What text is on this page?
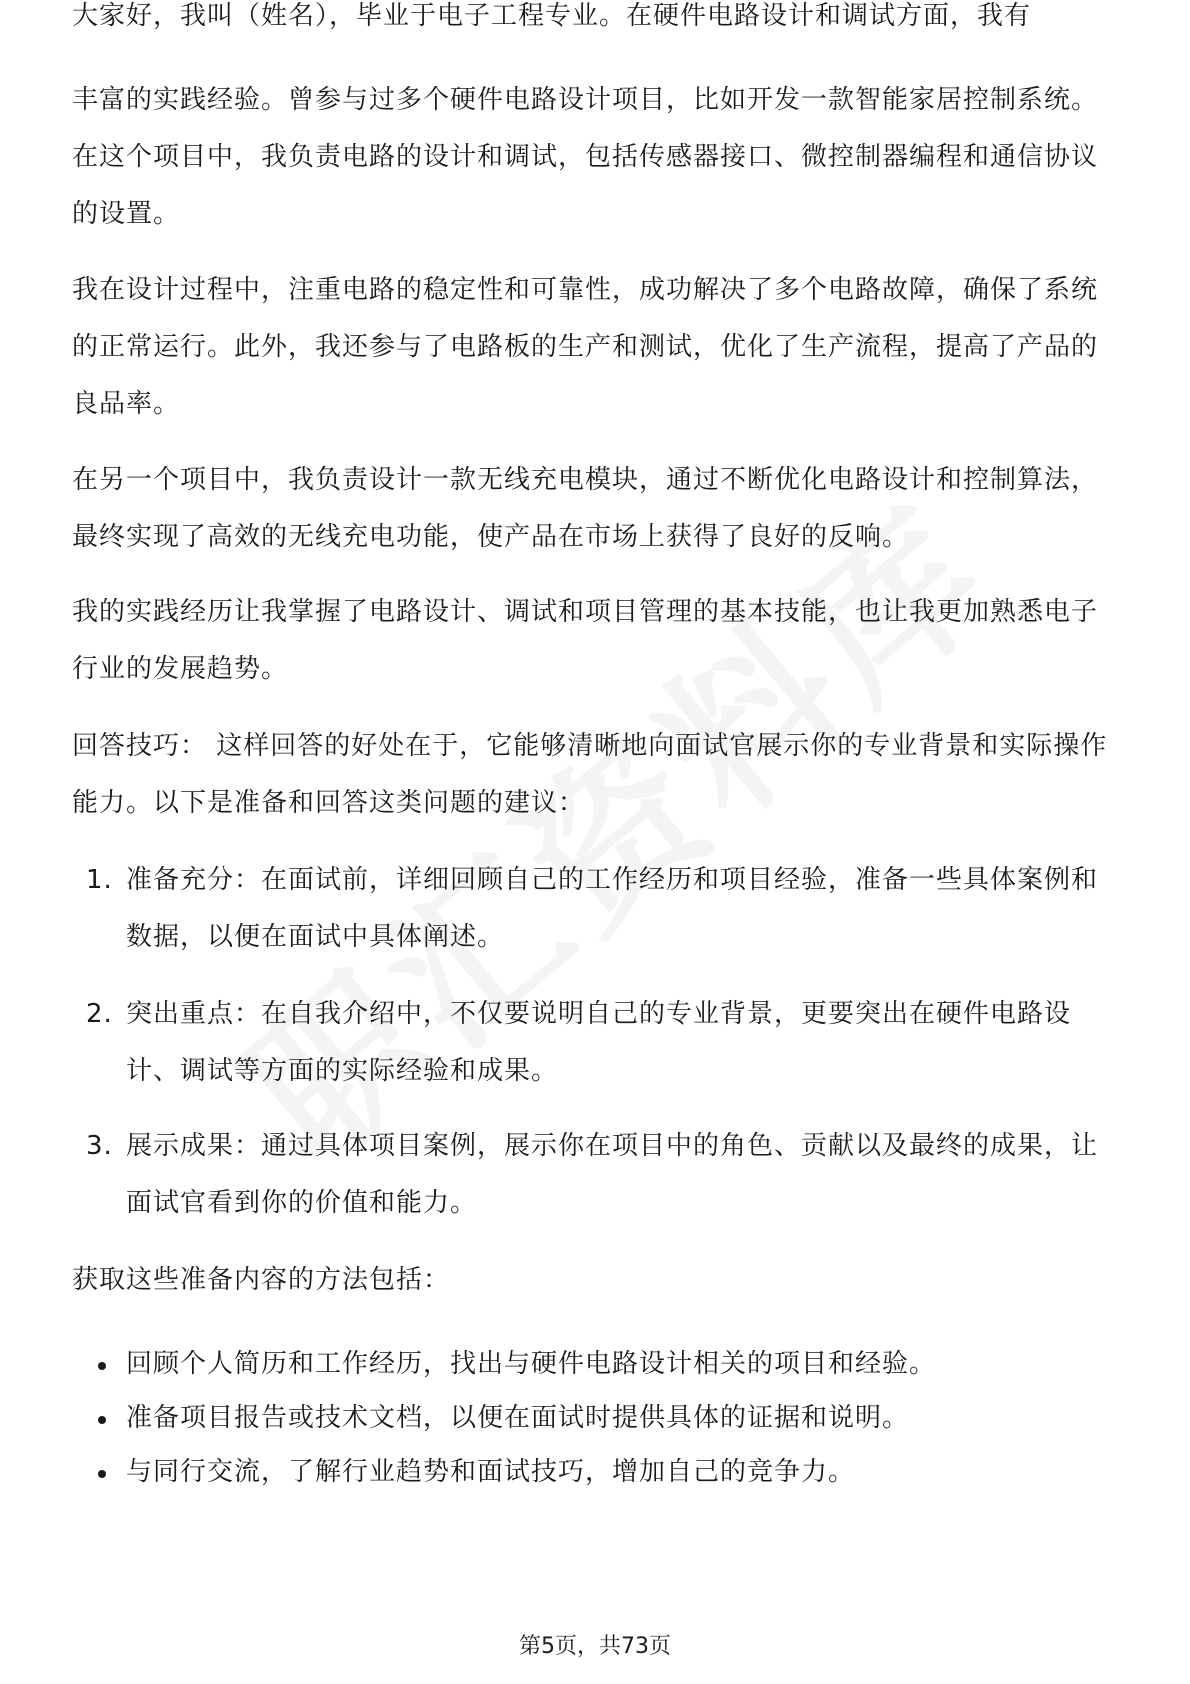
大家好，我叫（姓名），毕业于电子工程专业。在硬件电路设计和调试方面，我有

丰富的实践经验。曾参与过多个硬件电路设计项目，比如开发一款智能家居控制系统。在这个项目中，我负责电路的设计和调试，包括传感器接口、微控制器编程和通信协议的设置。

我在设计过程中，注重电路的稳定性和可靠性，成功解决了多个电路故障，确保了系统的正常运行。此外，我还参与了电路板的生产和测试，优化了生产流程，提高了产品的良品率。

在另一个项目中，我负责设计一款无线充电模块，通过不断优化电路设计和控制算法，最终实现了高效的无线充电功能，使产品在市场上获得了良好的反响。

我的实践经历让我掌握了电路设计、调试和项目管理的基本技能，也让我更加熟悉电子行业的发展趋势。

回答技巧： 这样回答的好处在于，它能够清晰地向面试官展示你的专业背景和实际操作能力。以下是准备和回答这类问题的建议：

1. 准备充分：在面试前，详细回顾自己的工作经历和项目经验，准备一些具体案例和数据，以便在面试中具体阐述。
2. 突出重点：在自我介绍中，不仅要说明自己的专业背景，更要突出在硬件电路设计、调试等方面的实际经验和成果。
3. 展示成果：通过具体项目案例，展示你在项目中的角色、贡献以及最终的成果，让面试官看到你的价值和能力。

获取这些准备内容的方法包括：

回顾个人简历和工作经历，找出与硬件电路设计相关的项目和经验。
准备项目报告或技术文档，以便在面试时提供具体的证据和说明。
与同行交流，了解行业趋势和面试技巧，增加自己的竞争力。
第5页，共73页
